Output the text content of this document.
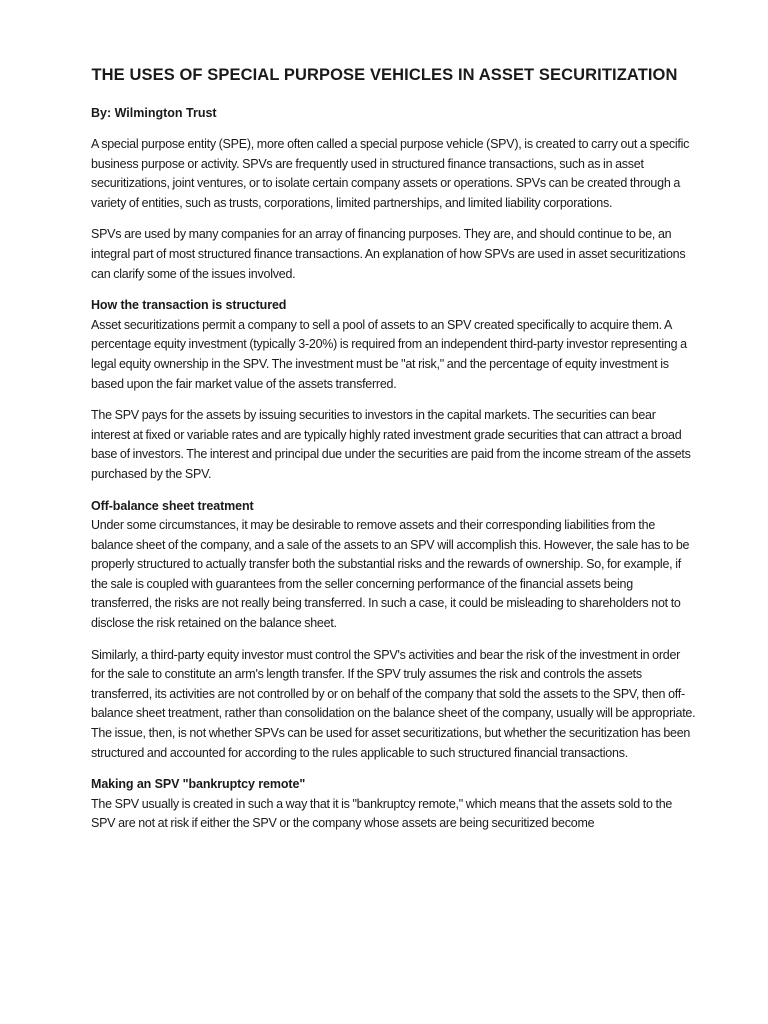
THE USES OF SPECIAL PURPOSE VEHICLES IN ASSET SECURITIZATION

By: Wilmington Trust

A special purpose entity (SPE), more often called a special purpose vehicle (SPV), is created to carry out a specific business purpose or activity. SPVs are frequently used in structured finance transactions, such as in asset securitizations, joint ventures, or to isolate certain company assets or operations. SPVs can be created through a variety of entities, such as trusts, corporations, limited partnerships, and limited liability corporations.

SPVs are used by many companies for an array of financing purposes. They are, and should continue to be, an integral part of most structured finance transactions. An explanation of how SPVs are used in asset securitizations can clarify some of the issues involved.

How the transaction is structured

Asset securitizations permit a company to sell a pool of assets to an SPV created specifically to acquire them. A percentage equity investment (typically 3-20%) is required from an independent third-party investor representing a legal equity ownership in the SPV. The investment must be "at risk," and the percentage of equity investment is based upon the fair market value of the assets transferred.

The SPV pays for the assets by issuing securities to investors in the capital markets. The securities can bear interest at fixed or variable rates and are typically highly rated investment grade securities that can attract a broad base of investors. The interest and principal due under the securities are paid from the income stream of the assets purchased by the SPV.

Off-balance sheet treatment

Under some circumstances, it may be desirable to remove assets and their corresponding liabilities from the balance sheet of the company, and a sale of the assets to an SPV will accomplish this. However, the sale has to be properly structured to actually transfer both the substantial risks and the rewards of ownership. So, for example, if the sale is coupled with guarantees from the seller concerning performance of the financial assets being transferred, the risks are not really being transferred. In such a case, it could be misleading to shareholders not to disclose the risk retained on the balance sheet.

Similarly, a third-party equity investor must control the SPV's activities and bear the risk of the investment in order for the sale to constitute an arm's length transfer. If the SPV truly assumes the risk and controls the assets transferred, its activities are not controlled by or on behalf of the company that sold the assets to the SPV, then off-balance sheet treatment, rather than consolidation on the balance sheet of the company, usually will be appropriate. The issue, then, is not whether SPVs can be used for asset securitizations, but whether the securitization has been structured and accounted for according to the rules applicable to such structured financial transactions.

Making an SPV "bankruptcy remote"

The SPV usually is created in such a way that it is "bankruptcy remote," which means that the assets sold to the SPV are not at risk if either the SPV or the company whose assets are being securitized become
